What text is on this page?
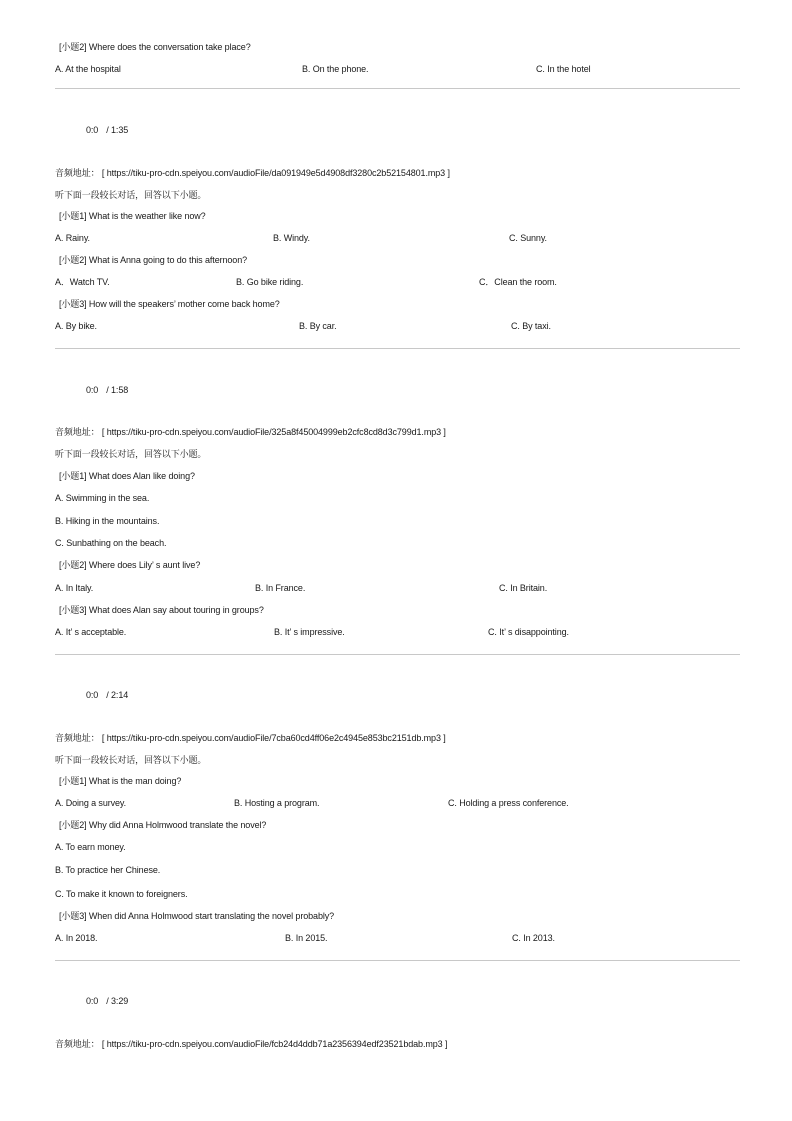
[小题2] Where does the conversation take place?
A. At the hospital	B. On the phone.	C. In the hotel
0:0 / 1:35
音频地址： [ https://tiku-pro-cdn.speiyou.com/audioFile/da091949e5d4908df3280c2b52154801.mp3 ]
听下面一段较长对话，回答以下小题。
[小题1] What is the weather like now?
A. Rainy.	B. Windy.	C. Sunny.
[小题2] What is Anna going to do this afternoon?
A．Watch TV.	B. Go bike riding.	C．Clean the room.
[小题3] How will the speakers’ mother come back home?
A. By bike.	B. By car.	C. By taxi.
0:0 / 1:58
音频地址： [ https://tiku-pro-cdn.speiyou.com/audioFile/325a8f45004999eb2cfc8cd8d3c799d1.mp3 ]
听下面一段较长对话，回答以下小题。
[小题1] What does Alan like doing?
A. Swimming in the sea.
B. Hiking in the mountains.
C. Sunbathing on the beach.
[小题2] Where does Lily’ s aunt live?
A. In Italy.	B. In France.	C. In Britain.
[小题3] What does Alan say about touring in groups?
A. It’ s acceptable.	B. It’ s impressive.	C. It’ s disappointing.
0:0 / 2:14
音频地址： [ https://tiku-pro-cdn.speiyou.com/audioFile/7cba60cd4ff06e2c4945e853bc2151db.mp3 ]
听下面一段较长对话，回答以下小题。
[小题1] What is the man doing?
A. Doing a survey.	B. Hosting a program.	C. Holding a press conference.
[小题2] Why did Anna Holmwood translate the novel?
A. To earn money.
B. To practice her Chinese.
C. To make it known to foreigners.
[小题3] When did Anna Holmwood start translating the novel probably?
A. In 2018.	B. In 2015.	C. In 2013.
0:0 / 3:29
音频地址： [ https://tiku-pro-cdn.speiyou.com/audioFile/fcb24d4ddb71a2356394edf23521bdab.mp3 ]
